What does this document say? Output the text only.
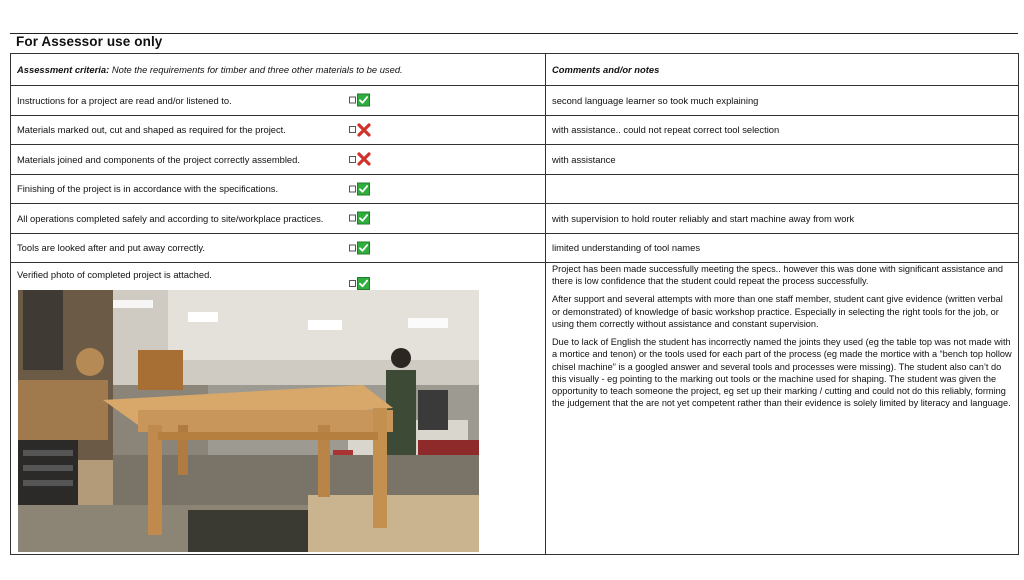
For Assessor use only
Assessment criteria: Note the requirements for timber and three other materials to be used.	Comments and/or notes
Instructions for a project are read and/or listened to.	second language learner so took much explaining
Materials marked out, cut and shaped as required for the project.	with assistance.. could not repeat correct tool selection
Materials joined and components of the project correctly assembled.	with assistance
Finishing of the project is in accordance with the specifications.

All operations completed safely and according to site/workplace practices.	with supervision to hold router reliably and start machine away from work
Tools are looked after and put away correctly.	limited understanding of tool names
Verified photo of completed project is attached.	Project has been made successfully meeting the specs.. however this was done with significant assistance and there is low confidence that the student could repeat the process successfully.

After support and several attempts with more than one staff member, student cant give evidence (written verbal or demonstrated) of knowledge of basic workshop practice. Especially in selecting the right tools for the job, or using them correctly without assistance and constant supervision.

Due to lack of English the student has incorrectly named the joints they used (eg the table top was not made with a mortice and tenon) or the tools used for each part of the process (eg made the mortice with a “bench top hollow chisel machine” is a googled answer and several tools and processes were missing). The student also can’t do this visually - eg pointing to the marking out tools or the machine used for shaping. The student was given the opportunity to teach someone the project, eg set up their marking / cutting and could not do this reliably, forming the judgement that the are not yet competent rather than their evidence is solely limited by literacy and language.
